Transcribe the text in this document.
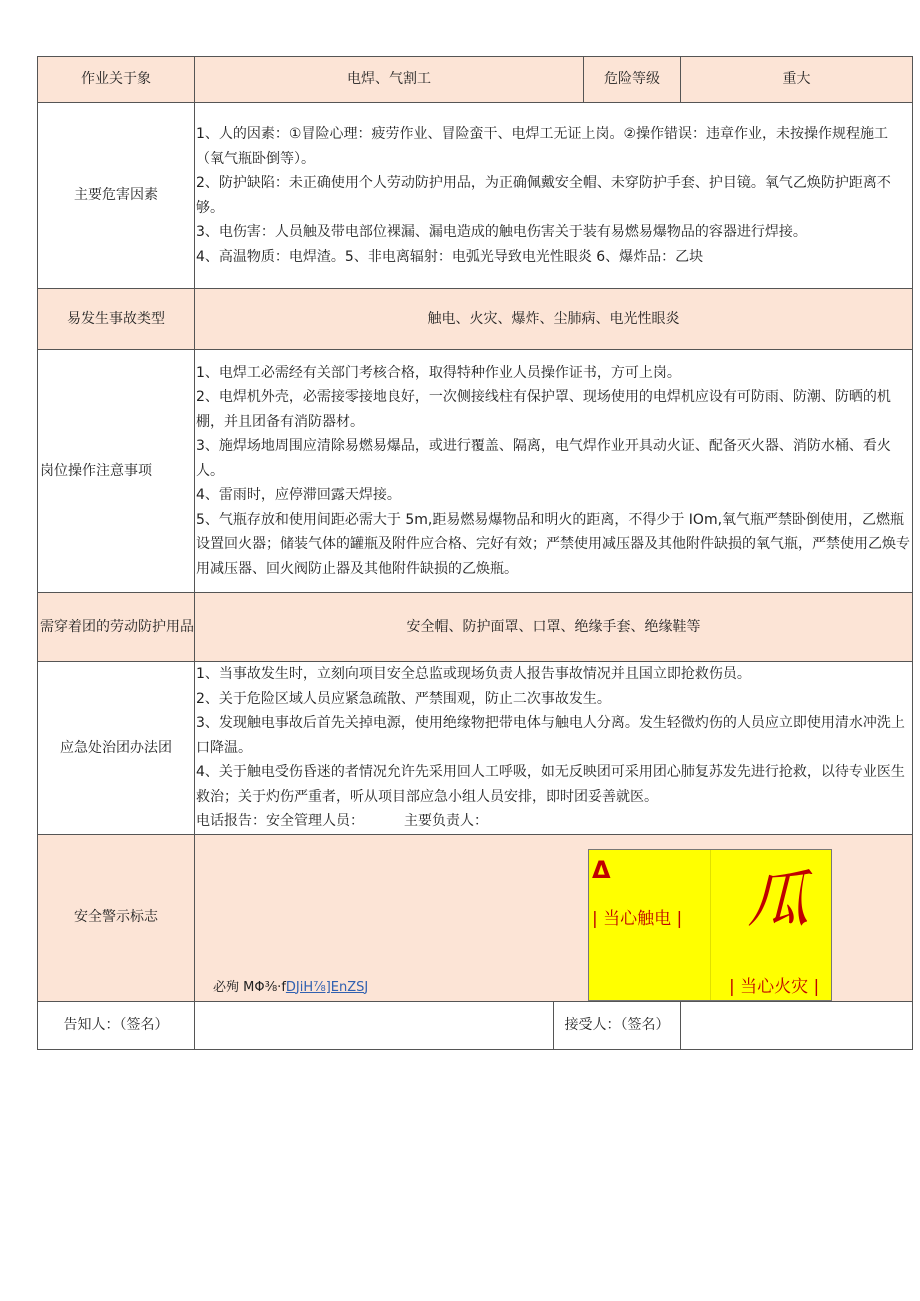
作业关于象	电焊、气割工		危险等级	重大
主要危害因素	1、人的因素：①冒险心理：疲劳作业、冒险蛮干、电焊工无证上岗。②操作错误：违章作业，未按操作规程施工（氧气瓶卧倒等）。

2、防护缺陷：未正确使用个人劳动防护用品，为正确佩戴安全帽、未穿防护手套、护目镜。氧气乙焕防护距离不够。

3、电伤害：人员触及带电部位裸漏、漏电造成的触电伤害关于装有易燃易爆物品的容器进行焊接。

4、高温物质：电焊渣。5、非电离辐射：电弧光导致电光性眼炎 6、爆炸品：乙块			

易发生事故类型	触电、火灾、爆炸、尘肺病、电光性眼炎			
岗位操作注意事项	1、电焊工必需经有关部门考核合格，取得特种作业人员操作证书，方可上岗。

2、电焊机外壳，必需接零接地良好，一次侧接线柱有保护罩、现场使用的电焊机应设有可防雨、防潮、防晒的机棚，并且团备有消防器材。

3、施焊场地周围应清除易燃易爆品，或进行覆盖、隔离，电气焊作业开具动火证、配备灭火器、消防水桶、看火人。

4、雷雨时，应停滞回露天焊接。

5、气瓶存放和使用间距必需大于 5m,距易燃易爆物品和明火的距离，不得少于 IOm,氧气瓶严禁卧倒使用，乙燃瓶设置回火器；储装气体的罐瓶及附件应合格、完好有效；严禁使用减压器及其他附件缺损的氧气瓶，严禁使用乙焕专用减压器、回火阀防止器及其他附件缺损的乙焕瓶。			

需穿着团的劳动防护用品	安全帽、防护面罩、口罩、绝缘手套、绝缘鞋等			
应急处治团办法团	1、当事故发生时，立刻向项目安全总监或现场负责人报告事故情况并且国立即抢救伤员。

2、关于危险区域人员应紧急疏散、严禁围观，防止二次事故发生。

3、发现触电事故后首先关掉电源，使用绝缘物把带电体与触电人分离。发生轻微灼伤的人员应立即使用清水冲洗上口降温。

4、关于触电受伤昏迷的者情况允许先采用回人工呼吸，如无反映团可采用团心肺复苏发先进行抢救，以待专业医生救治；关于灼伤严重者，听从项目部应急小组人员安排，即时团妥善就医。

电话报告：安全管理人员：         主要负责人：			

安全警示标志	必殉 MΦ⅜·fDJiH⅞]EnZSJ
Δ
| 当心触电 | 瓜
| 当心火灾 |			

告知人：（签名）		接受人：（签名）		
